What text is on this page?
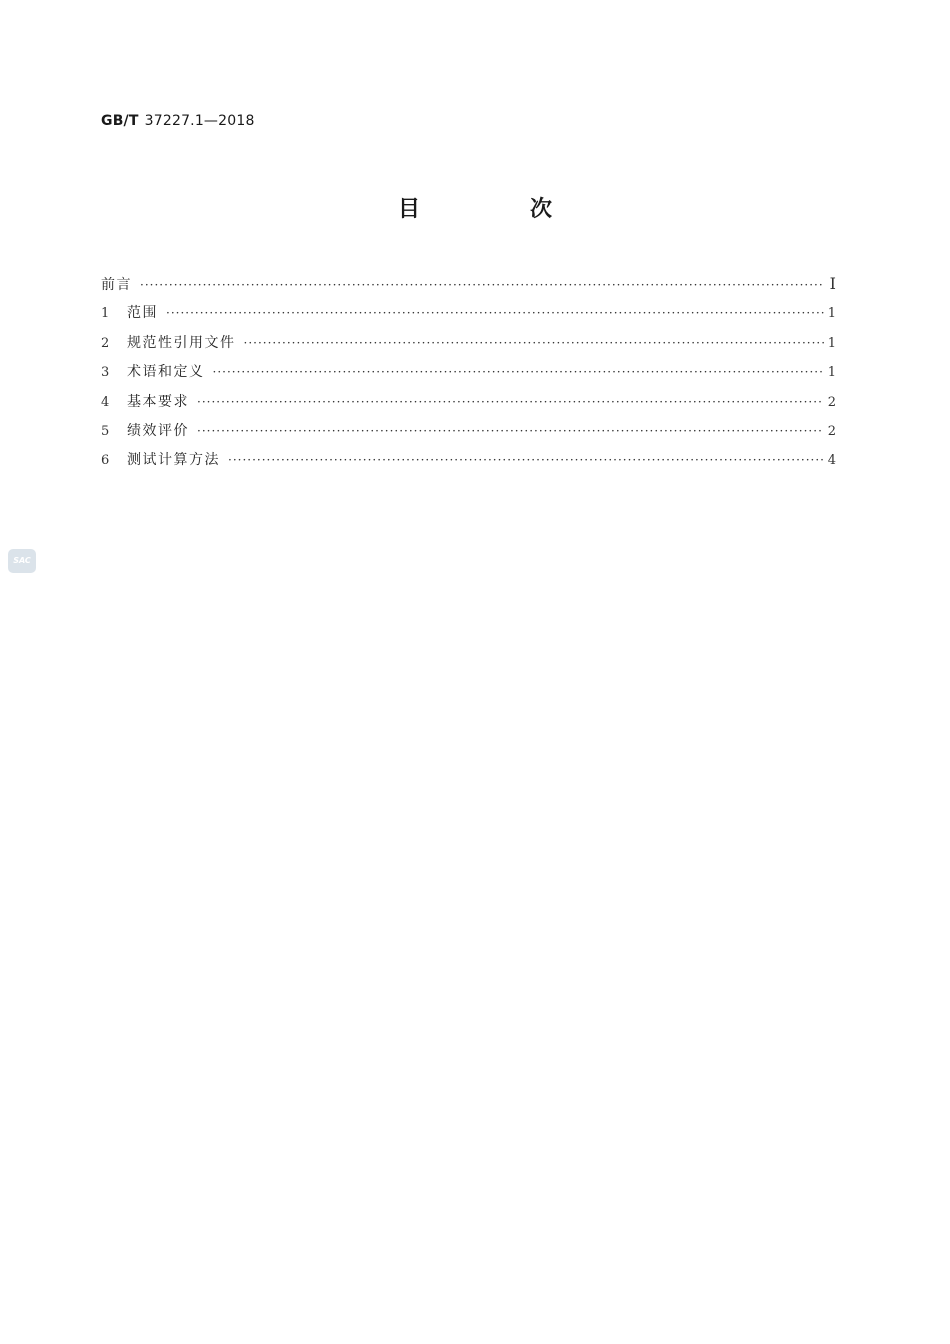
GB/T 37227.1—2018
目　次
前言 ·····	Ⅰ
1	范围 ·····	1
2	规范性引用文件 ·····	1
3	术语和定义 ·····	1
4	基本要求 ·····	2
5	绩效评价 ·····	2
6	测试计算方法 ·····	4
SAC
